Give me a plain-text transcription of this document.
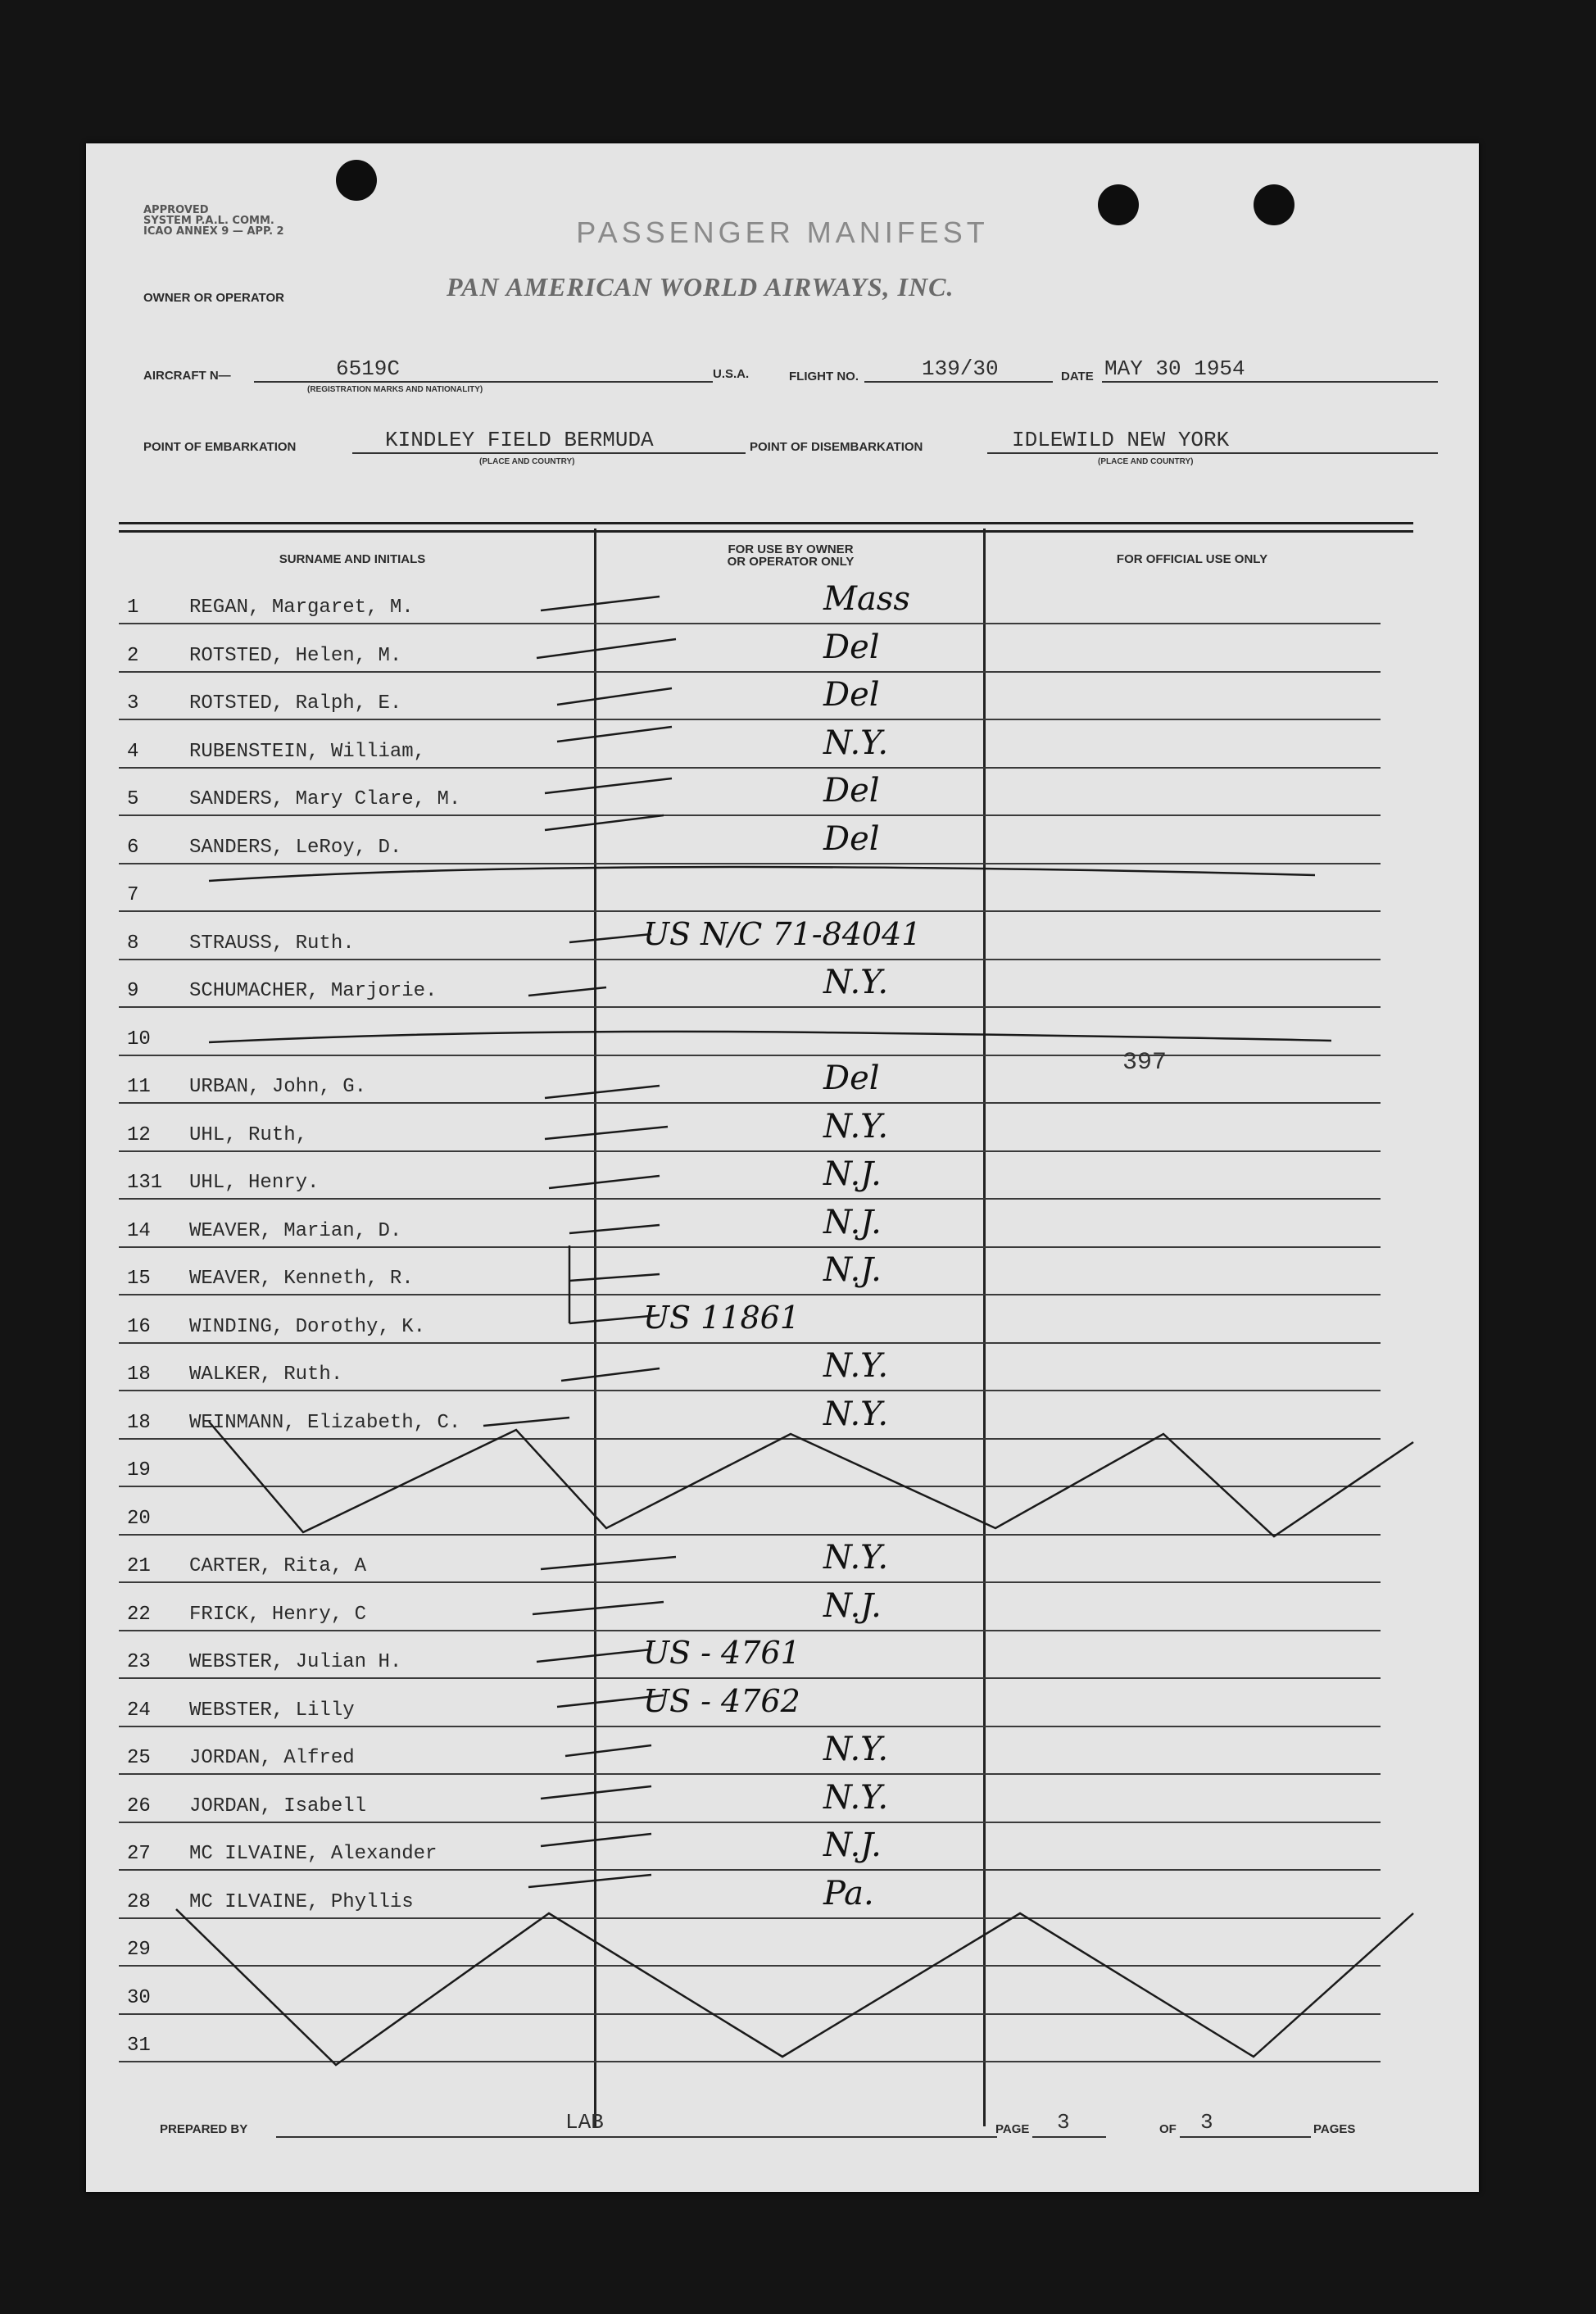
APPROVED
SYSTEM P.A.L. COMM.
ICAO ANNEX 9 — APP. 2	PASSENGER MANIFEST
OWNER OR OPERATOR	PAN AMERICAN WORLD AIRWAYS, INC.
AIRCRAFT N—	6519C
(REGISTRATION MARKS AND NATIONALITY)
U.S.A.	FLIGHT NO.	139/30	DATE MAY 30 1954
POINT OF EMBARKATION	KINDLEY FIELD BERMUDA
(PLACE AND COUNTRY)
POINT OF DISEMBARKATION	IDLEWILD NEW YORK
(PLACE AND COUNTRY)
SURNAME AND INITIALS
FOR USE BY OWNER
OR OPERATOR ONLY	FOR OFFICIAL USE ONLY
1	REGAN, Margaret, M.	Mass
2	ROTSTED, Helen, M.	Del
3	ROTSTED, Ralph, E.	Del
4	RUBENSTEIN, William,	N.Y.
5	SANDERS, Mary Clare, M.	Del
6	SANDERS, LeRoy, D.	Del
7
8	STRAUSS, Ruth.	US N/C 71-84041
9	SCHUMACHER, Marjorie.	N.Y.
10
11 URBAN, John, G.	Del
12 UHL, Ruth,	N.Y.
131 UHL, Henry.	N.J.
14 WEAVER, Marian, D.	N.J.
15 WEAVER, Kenneth, R.	N.J.
16 WINDING, Dorothy, K.	US 11861
18 WALKER, Ruth.	N.Y.
18 WEINMANN, Elizabeth, C.	N.Y.
19
20
21 CARTER, Rita, A	N.Y.
22 FRICK, Henry, C	N.J.
23 WEBSTER, Julian H.	US - 4761
24 WEBSTER, Lilly	US - 4762
25 JORDAN, Alfred	N.Y.
26 JORDAN, Isabell	N.Y.
27 MC ILVAINE, Alexander	N.J.
28 MC ILVAINE, Phyllis	Pa.
29
30
31
397
PREPARED BY	LAB	PAGE 3	OF 3	PAGES
